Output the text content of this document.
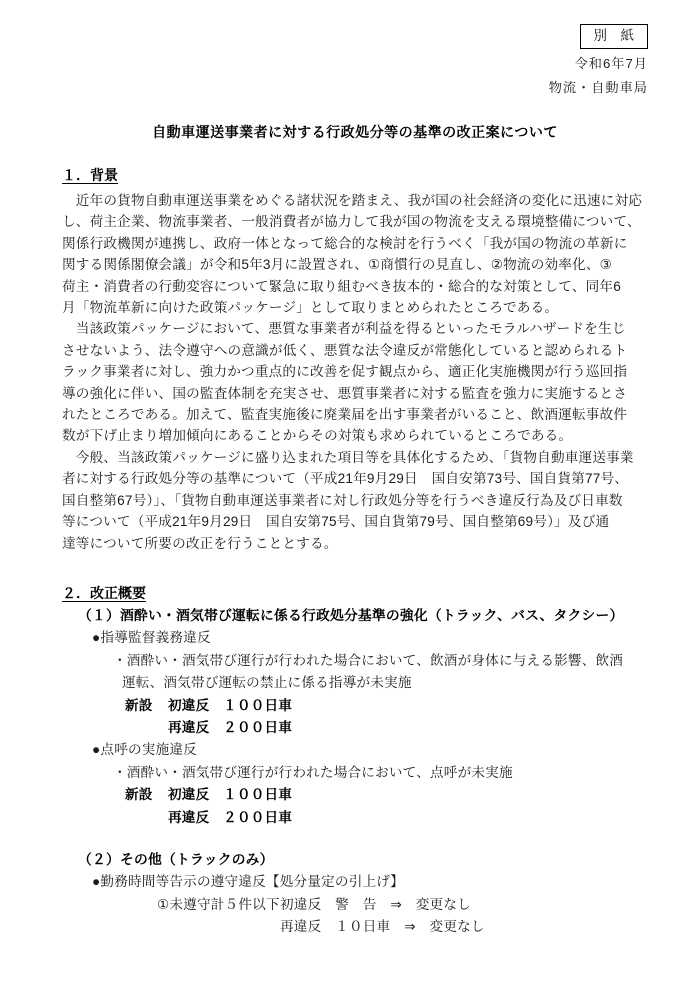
別　紙
令和6年7月
物流・自動車局
自動車運送事業者に対する行政処分等の基準の改正案について
１．背景
　近年の貨物自動車運送事業をめぐる諸状況を踏まえ、我が国の社会経済の変化に迅速に対応
し、荷主企業、物流事業者、一般消費者が協力して我が国の物流を支える環境整備について、
関係行政機関が連携し、政府一体となって総合的な検討を行うべく「我が国の物流の革新に
関する関係閣僚会議」が令和5年3月に設置され、①商慣行の見直し、②物流の効率化、③
荷主・消費者の行動変容について緊急に取り組むべき抜本的・総合的な対策として、同年6
月「物流革新に向けた政策パッケージ」として取りまとめられたところである。
　当該政策パッケージにおいて、悪質な事業者が利益を得るといったモラルハザードを生じ
させないよう、法令遵守への意識が低く、悪質な法令違反が常態化していると認められるト
ラック事業者に対し、強力かつ重点的に改善を促す観点から、適正化実施機関が行う巡回指
導の強化に伴い、国の監査体制を充実させ、悪質事業者に対する監査を強力に実施するとさ
れたところである。加えて、監査実施後に廃業届を出す事業者がいること、飲酒運転事故件
数が下げ止まり増加傾向にあることからその対策も求められているところである。
　今般、当該政策パッケージに盛り込まれた項目等を具体化するため、「貨物自動車運送事業
者に対する行政処分等の基準について（平成21年9月29日　国自安第73号、国自貨第77号、
国自整第67号）」、「貨物自動車運送事業者に対し行政処分等を行うべき違反行為及び日車数
等について（平成21年9月29日　国自安第75号、国自貨第79号、国自整第69号）」及び通
達等について所要の改正を行うこととする。
２．改正概要
（１）酒酔い・酒気帯び運転に係る行政処分基準の強化（トラック、バス、タクシー）
●指導監督義務違反
・酒酔い・酒気帯び運行が行われた場合において、飲酒が身体に与える影響、飲酒
運転、酒気帯び運転の禁止に係る指導が未実施
新設 初違反　１００日車
再違反　２００日車
●点呼の実施違反
・酒酔い・酒気帯び運行が行われた場合において、点呼が未実施
新設 初違反　１００日車
再違反　２００日車
（２）その他（トラックのみ）
●勤務時間等告示の遵守違反【処分量定の引上げ】
①未遵守計５件以下初違反　警　告　⇒　変更なし
再違反　１０日車　⇒　変更なし
